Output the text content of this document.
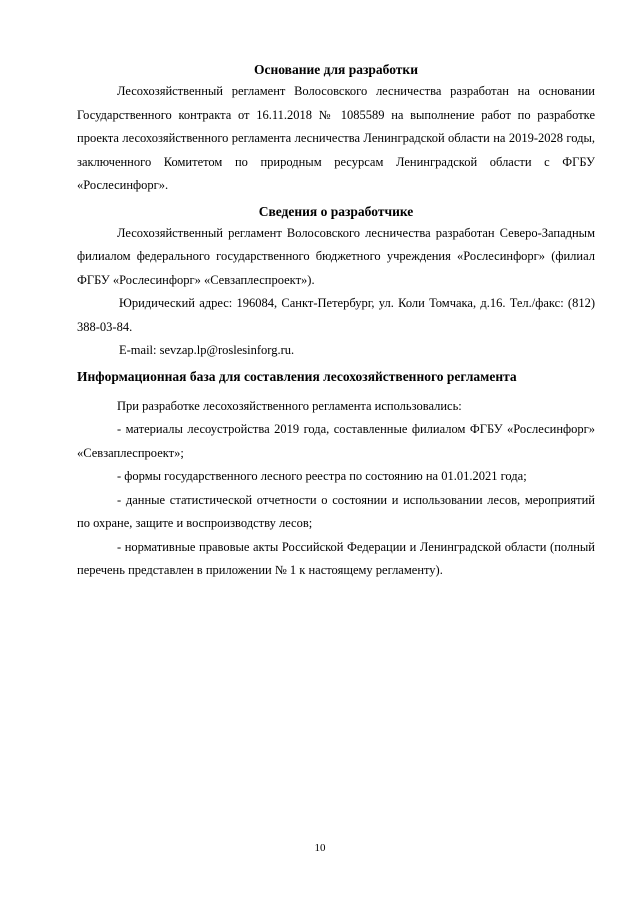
Основание для разработки

Лесохозяйственный регламент Волосовского лесничества разработан на основании Государственного контракта от 16.11.2018 № 1085589 на выполнение работ по разработке проекта лесохозяйственного регламента лесничества Ленинградской области на 2019-2028 годы, заключенного Комитетом по природным ресурсам Ленинградской области с ФГБУ «Рослесинфорг».

Сведения о разработчике

Лесохозяйственный регламент Волосовского лесничества разработан Северо-Западным филиалом федерального государственного бюджетного учреждения «Рослесинфорг» (филиал ФГБУ «Рослесинфорг» «Севзаплеспроект»).

Юридический адрес: 196084, Санкт-Петербург, ул. Коли Томчака, д.16. Тел./факс: (812) 388-03-84.

E-mail: sevzap.lp@roslesinforg.ru.

Информационная база для составления лесохозяйственного регламента

При разработке лесохозяйственного регламента использовались:

- материалы лесоустройства 2019 года, составленные филиалом ФГБУ «Рослесинфорг» «Севзаплеспроект»;

- формы государственного лесного реестра по состоянию на 01.01.2021 года;

- данные статистической отчетности о состоянии и использовании лесов, мероприятий по охране, защите и воспроизводству лесов;

- нормативные правовые акты Российской Федерации и Ленинградской области (полный перечень представлен в приложении № 1 к настоящему регламенту).

10
